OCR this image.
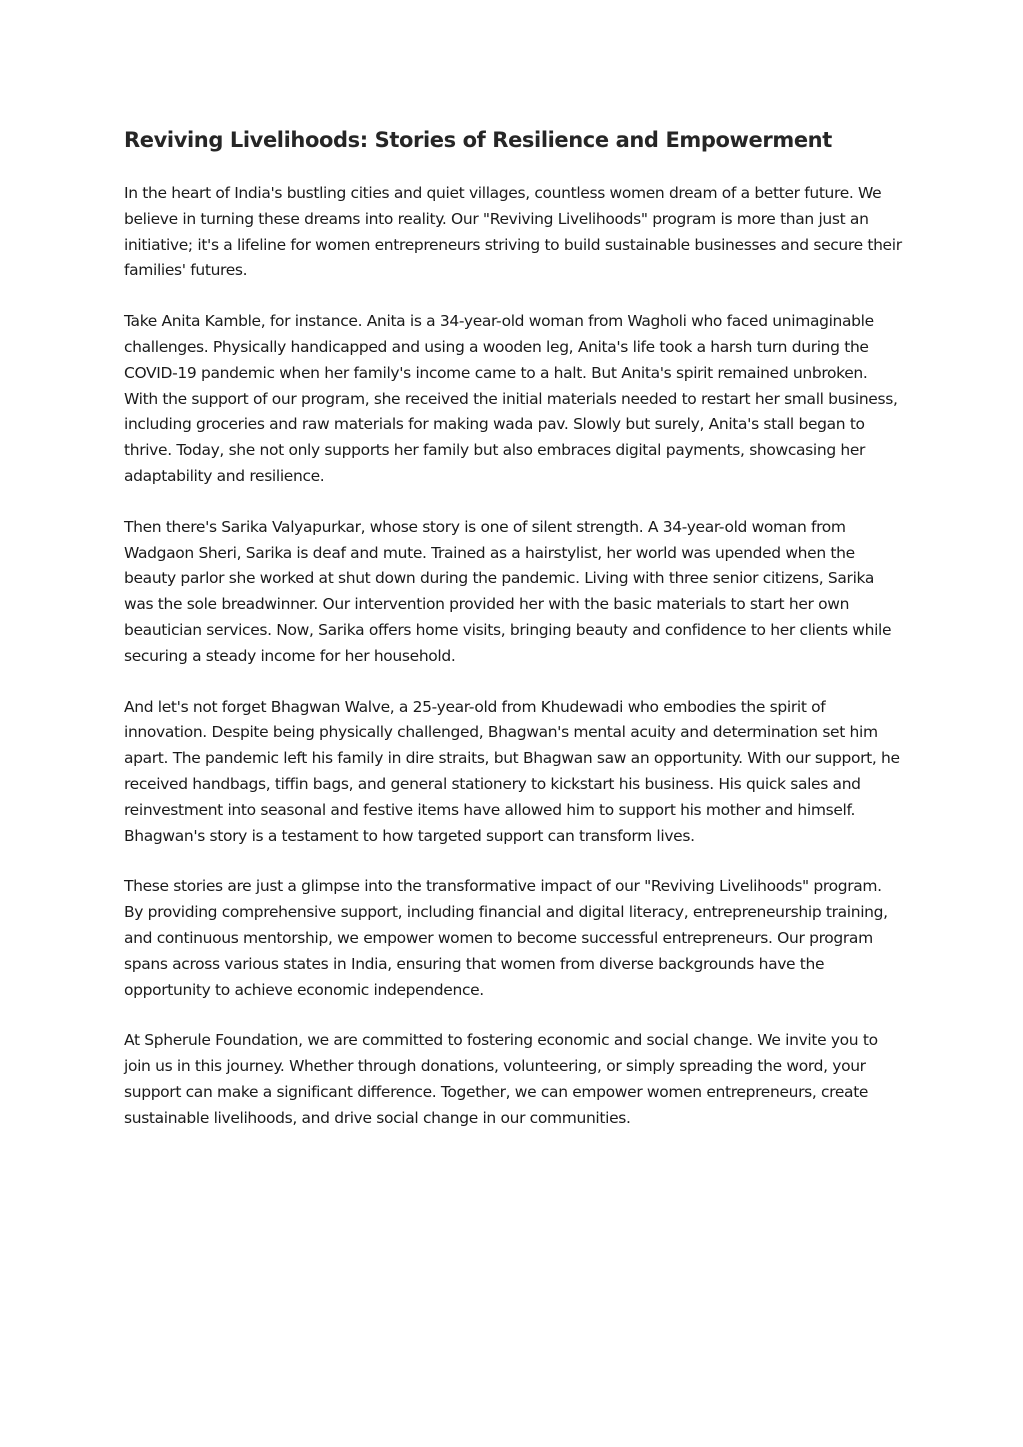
Reviving Livelihoods: Stories of Resilience and Empowerment

In the heart of India's bustling cities and quiet villages, countless women dream of a better future. We believe in turning these dreams into reality. Our "Reviving Livelihoods" program is more than just an initiative; it's a lifeline for women entrepreneurs striving to build sustainable businesses and secure their families' futures.

Take Anita Kamble, for instance. Anita is a 34-year-old woman from Wagholi who faced unimaginable challenges. Physically handicapped and using a wooden leg, Anita's life took a harsh turn during the COVID-19 pandemic when her family's income came to a halt. But Anita's spirit remained unbroken. With the support of our program, she received the initial materials needed to restart her small business, including groceries and raw materials for making wada pav. Slowly but surely, Anita's stall began to thrive. Today, she not only supports her family but also embraces digital payments, showcasing her adaptability and resilience.

Then there's Sarika Valyapurkar, whose story is one of silent strength. A 34-year-old woman from Wadgaon Sheri, Sarika is deaf and mute. Trained as a hairstylist, her world was upended when the beauty parlor she worked at shut down during the pandemic. Living with three senior citizens, Sarika was the sole breadwinner. Our intervention provided her with the basic materials to start her own beautician services. Now, Sarika offers home visits, bringing beauty and confidence to her clients while securing a steady income for her household.

And let's not forget Bhagwan Walve, a 25-year-old from Khudewadi who embodies the spirit of innovation. Despite being physically challenged, Bhagwan's mental acuity and determination set him apart. The pandemic left his family in dire straits, but Bhagwan saw an opportunity. With our support, he received handbags, tiffin bags, and general stationery to kickstart his business. His quick sales and reinvestment into seasonal and festive items have allowed him to support his mother and himself. Bhagwan's story is a testament to how targeted support can transform lives.

These stories are just a glimpse into the transformative impact of our "Reviving Livelihoods" program. By providing comprehensive support, including financial and digital literacy, entrepreneurship training, and continuous mentorship, we empower women to become successful entrepreneurs. Our program spans across various states in India, ensuring that women from diverse backgrounds have the opportunity to achieve economic independence.

At Spherule Foundation, we are committed to fostering economic and social change. We invite you to join us in this journey. Whether through donations, volunteering, or simply spreading the word, your support can make a significant difference. Together, we can empower women entrepreneurs, create sustainable livelihoods, and drive social change in our communities.
